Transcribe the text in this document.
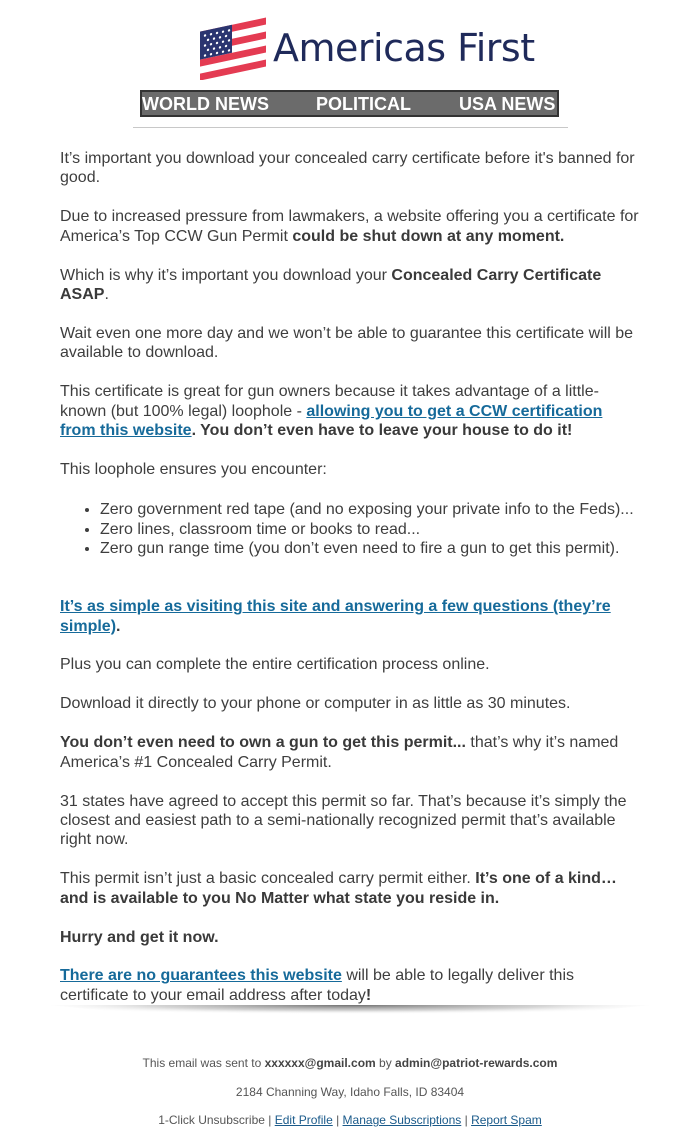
Americas First
WORLD NEWS	POLITICAL	USA NEWS

It’s important you download your concealed carry certificate before it's banned for good.

Due to increased pressure from lawmakers, a website offering you a certificate for America’s Top CCW Gun Permit could be shut down at any moment.

Which is why it’s important you download your Concealed Carry Certificate ASAP.

Wait even one more day and we won’t be able to guarantee this certificate will be available to download.

This certificate is great for gun owners because it takes advantage of a little-known (but 100% legal) loophole - allowing you to get a CCW certification from this website. You don’t even have to leave your house to do it!

This loophole ensures you encounter:

• Zero government red tape (and no exposing your private info to the Feds)...
• Zero lines, classroom time or books to read...
• Zero gun range time (you don’t even need to fire a gun to get this permit).

It’s as simple as visiting this site and answering a few questions (they’re simple).

Plus you can complete the entire certification process online.

Download it directly to your phone or computer in as little as 30 minutes.

You don’t even need to own a gun to get this permit... that’s why it’s named America’s #1 Concealed Carry Permit.

31 states have agreed to accept this permit so far. That’s because it’s simply the closest and easiest path to a semi-nationally recognized permit that’s available right now.

This permit isn’t just a basic concealed carry permit either. It’s one of a kind… and is available to you No Matter what state you reside in.

Hurry and get it now.

There are no guarantees this website will be able to legally deliver this certificate to your email address after today!

This email was sent to xxxxxx@gmail.com by admin@patriot-rewards.com
2184 Channing Way, Idaho Falls, ID 83404
1-Click Unsubscribe | Edit Profile | Manage Subscriptions | Report Spam
